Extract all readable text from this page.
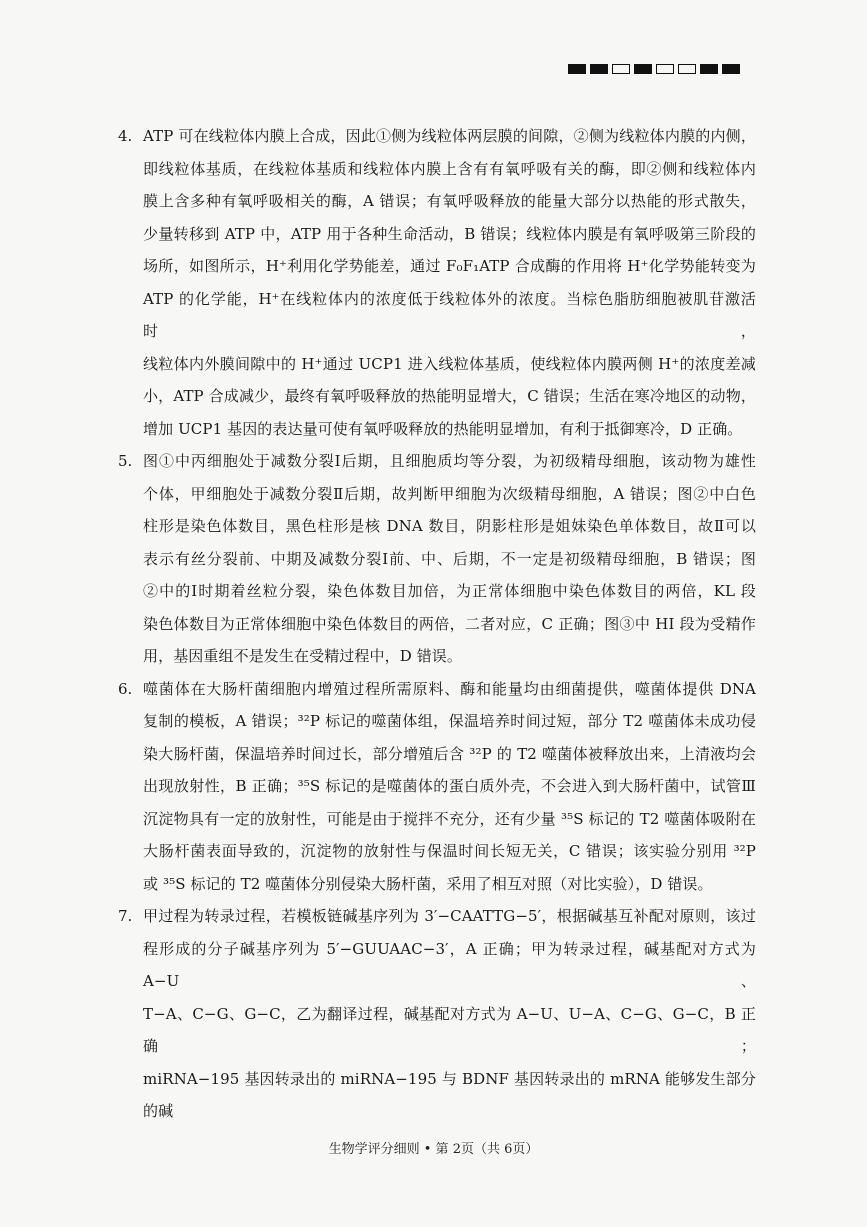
4. ATP 可在线粒体内膜上合成，因此①侧为线粒体两层膜的间隙，②侧为线粒体内膜的内侧，
即线粒体基质，在线粒体基质和线粒体内膜上含有有氧呼吸有关的酶，即②侧和线粒体内
膜上含多种有氧呼吸相关的酶，A 错误；有氧呼吸释放的能量大部分以热能的形式散失，
少量转移到 ATP 中，ATP 用于各种生命活动，B 错误；线粒体内膜是有氧呼吸第三阶段的
场所，如图所示，H⁺利用化学势能差，通过 F₀F₁ATP 合成酶的作用将 H⁺化学势能转变为
ATP 的化学能，H⁺在线粒体内的浓度低于线粒体外的浓度。当棕色脂肪细胞被肌苷激活时，
线粒体内外膜间隙中的 H⁺通过 UCP1 进入线粒体基质，使线粒体内膜两侧 H⁺的浓度差减
小，ATP 合成减少，最终有氧呼吸释放的热能明显增大，C 错误；生活在寒冷地区的动物，
增加 UCP1 基因的表达量可使有氧呼吸释放的热能明显增加，有利于抵御寒冷，D 正确。
5. 图①中丙细胞处于减数分裂Ⅰ后期，且细胞质均等分裂，为初级精母细胞，该动物为雄性
个体，甲细胞处于减数分裂Ⅱ后期，故判断甲细胞为次级精母细胞，A 错误；图②中白色
柱形是染色体数目，黑色柱形是核 DNA 数目，阴影柱形是姐妹染色单体数目，故Ⅱ可以
表示有丝分裂前、中期及减数分裂Ⅰ前、中、后期，不一定是初级精母细胞，B 错误；图
②中的Ⅰ时期着丝粒分裂，染色体数目加倍，为正常体细胞中染色体数目的两倍，KL 段
染色体数目为正常体细胞中染色体数目的两倍，二者对应，C 正确；图③中 HI 段为受精作
用，基因重组不是发生在受精过程中，D 错误。
6. 噬菌体在大肠杆菌细胞内增殖过程所需原料、酶和能量均由细菌提供，噬菌体提供 DNA
复制的模板，A 错误；³²P 标记的噬菌体组，保温培养时间过短，部分 T2 噬菌体未成功侵
染大肠杆菌，保温培养时间过长，部分增殖后含 ³²P 的 T2 噬菌体被释放出来，上清液均会
出现放射性，B 正确；³⁵S 标记的是噬菌体的蛋白质外壳，不会进入到大肠杆菌中，试管Ⅲ
沉淀物具有一定的放射性，可能是由于搅拌不充分，还有少量 ³⁵S 标记的 T2 噬菌体吸附在
大肠杆菌表面导致的，沉淀物的放射性与保温时间长短无关，C 错误；该实验分别用 ³²P
或 ³⁵S 标记的 T2 噬菌体分别侵染大肠杆菌，采用了相互对照（对比实验），D 错误。
7. 甲过程为转录过程，若模板链碱基序列为 3′−CAATTG−5′，根据碱基互补配对原则，该过
程形成的分子碱基序列为 5′−GUUAAC−3′，A 正确；甲为转录过程，碱基配对方式为 A−U、
T−A、C−G、G−C，乙为翻译过程，碱基配对方式为 A−U、U−A、C−G、G−C，B 正确；
miRNA−195 基因转录出的 miRNA−195 与 BDNF 基因转录出的 mRNA 能够发生部分的碱
生物学评分细则 • 第 2页（共 6页）
